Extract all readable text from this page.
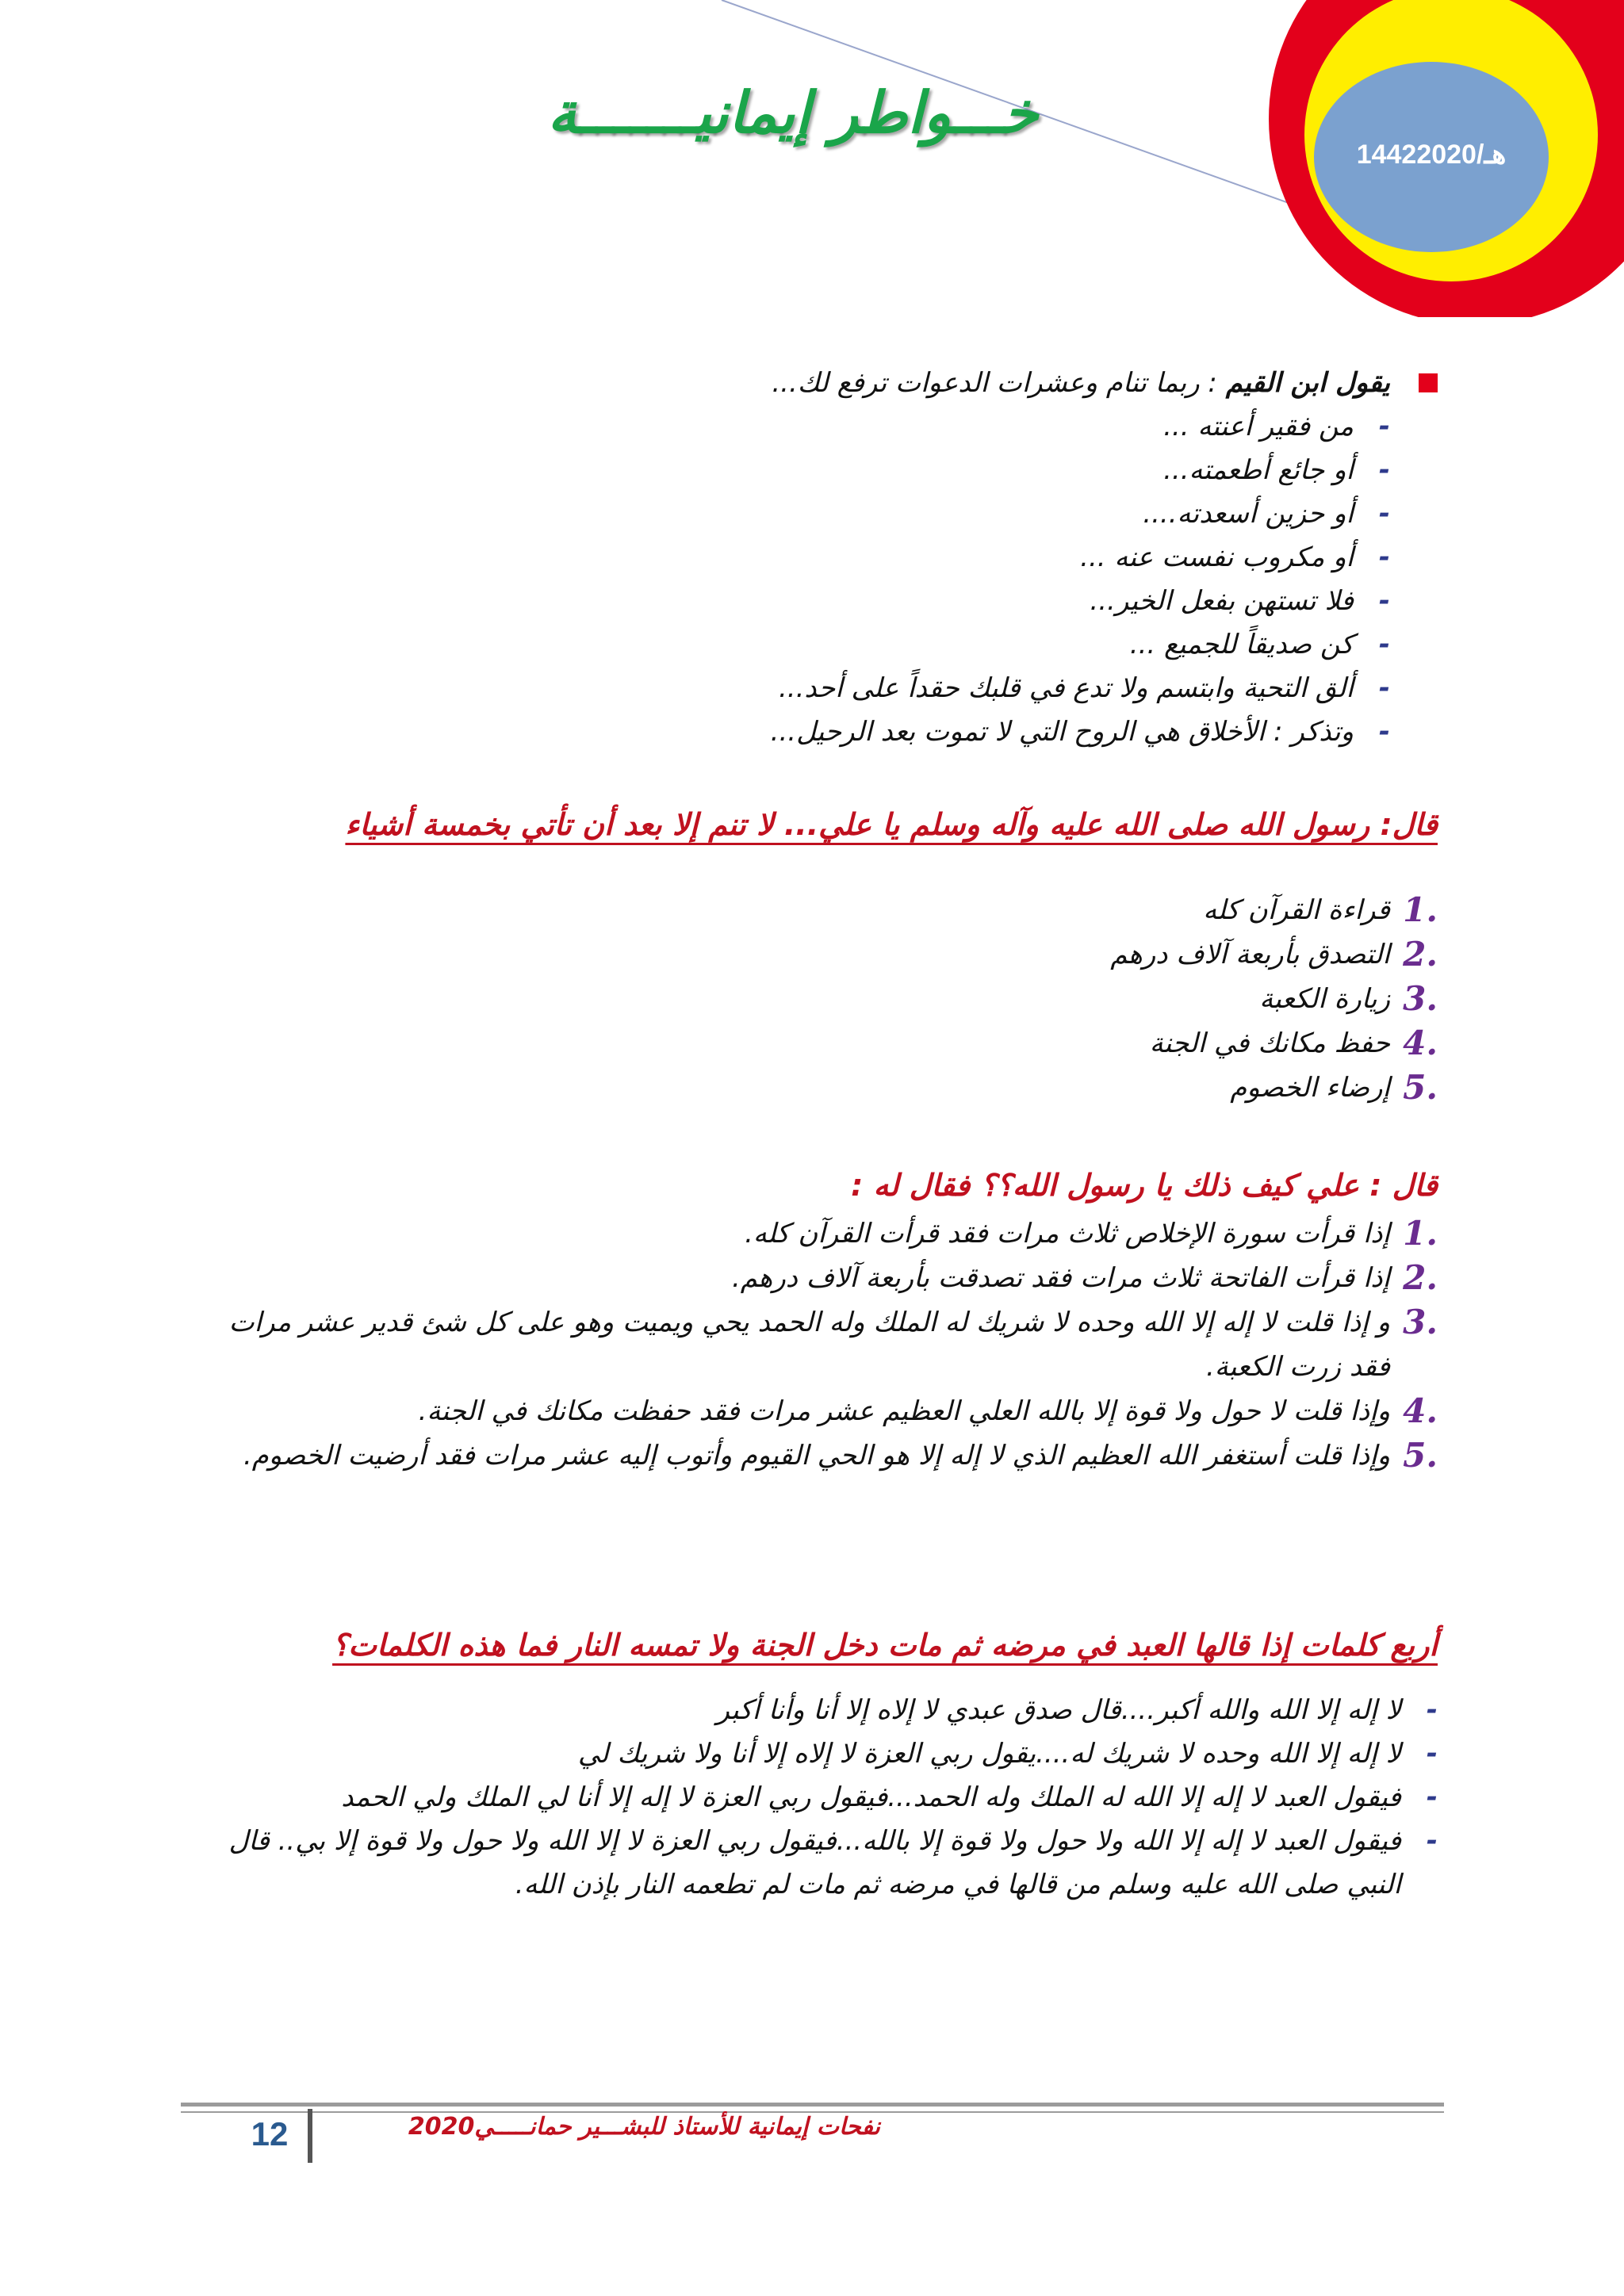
خـــواطر إيمانيـــــــة
1442هـ/2020
يقول ابن القيم : ربما تنام وعشرات الدعوات ترفع لك...
-
من فقير أعنته ...
-
أو جائع أطعمته...
-
أو حزين أسعدته....
-
أو مكروب نفست عنه ...
-
فلا تستهن بفعل الخير...
-
كن صديقاً للجميع ...
-
ألق التحية وابتسم ولا تدع في قلبك حقداً على أحد...
-
وتذكر : الأخلاق هي الروح التي لا تموت بعد الرحيل...
قال: رسول الله صلى الله عليه وآله وسلم يا علي... لا تنم إلا بعد أن تأتي بخمسة أشياء
.1
قراءة القرآن كله
.2
التصدق بأربعة آلاف درهم
.3
زيارة الكعبة
.4
حفظ مكانك في الجنة
.5
إرضاء الخصوم
قال : علي كيف ذلك يا رسول الله؟؟ فقال له :
.1
إذا قرأت سورة الإخلاص ثلاث مرات فقد قرأت القرآن كله.
.2
إذا قرأت الفاتحة ثلاث مرات فقد تصدقت بأربعة آلاف درهم.
.3
و إذا قلت لا إله إلا الله وحده لا شريك له الملك وله الحمد يحي ويميت وهو على كل شئ قدير عشر مرات فقد زرت الكعبة.
.4
وإذا قلت لا حول ولا قوة إلا بالله العلي العظيم عشر مرات فقد حفظت مكانك في الجنة.
.5
وإذا قلت أستغفر الله العظيم الذي لا إله إلا هو الحي القيوم وأتوب إليه عشر مرات فقد أرضيت الخصوم.
أربع كلمات إذا قالها العبد في مرضه ثم مات دخل الجنة ولا تمسه النار فما هذه الكلمات؟
-
لا إله إلا الله والله أكبر....قال صدق عبدي لا إلاه إلا أنا وأنا أكبر
-
لا إله إلا الله وحده لا شريك له....يقول ربي العزة لا إلاه إلا أنا ولا شريك لي
-
فيقول العبد لا إله إلا الله له الملك وله الحمد...فيقول ربي العزة لا إله إلا أنا لي الملك ولي الحمد
-
فيقول العبد لا إله إلا الله ولا حول ولا قوة إلا بالله...فيقول ربي العزة لا إلا الله ولا حول ولا قوة إلا بي.. قال النبي صلى الله عليه وسلم من قالها في مرضه ثم مات لم تطعمه النار بإذن الله.
12	نفحات إيمانية للأستاذ للبشـــير حمانـــــي2020
